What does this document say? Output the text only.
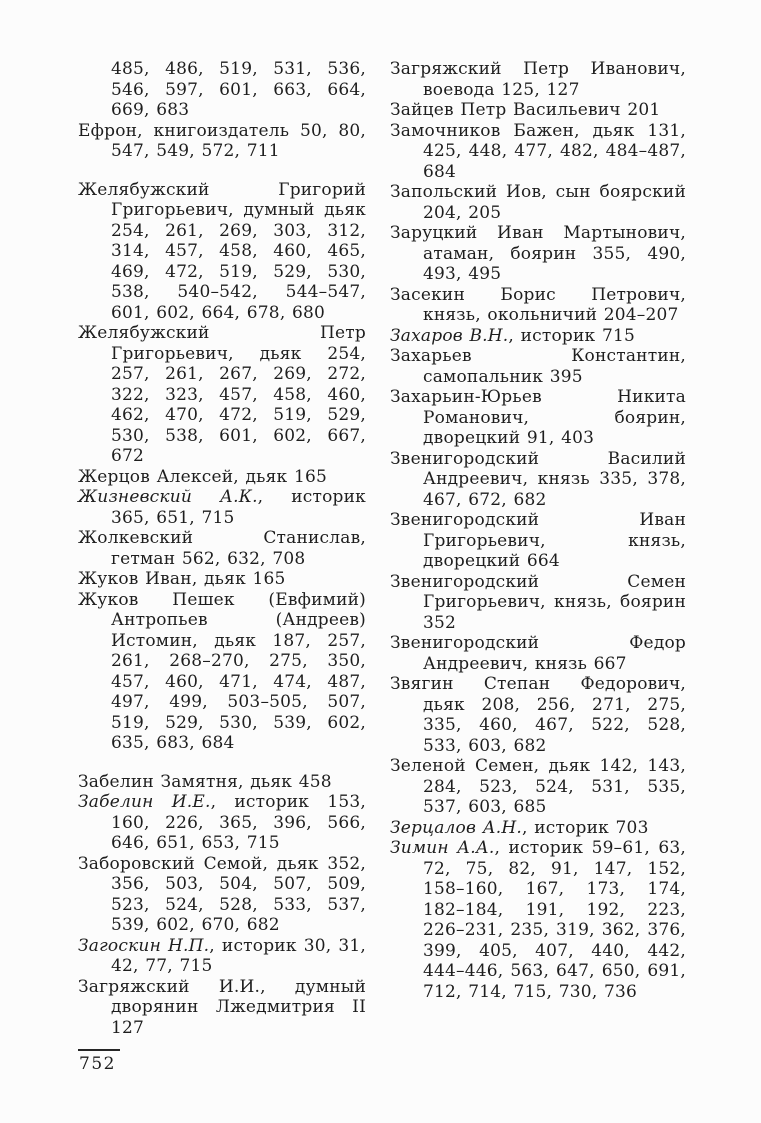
485, 486, 519, 531, 536, 546, 597, 601, 663, 664, 669, 683

Ефрон, книгоиздатель 50, 80, 547, 549, 572, 711

Желябужский Григорий Григорьевич, думный дьяк 254, 261, 269, 303, 312, 314, 457, 458, 460, 465, 469, 472, 519, 529, 530, 538, 540–542, 544–547, 601, 602, 664, 678, 680

Желябужский Петр Григорьевич, дьяк 254, 257, 261, 267, 269, 272, 322, 323, 457, 458, 460, 462, 470, 472, 519, 529, 530, 538, 601, 602, 667, 672

Жерцов Алексей, дьяк 165

Жизневский А.К., историк 365, 651, 715

Жолкевский Станислав, гетман 562, 632, 708

Жуков Иван, дьяк 165

Жуков Пешек (Евфимий) Антропьев (Андреев) Истомин, дьяк 187, 257, 261, 268–270, 275, 350, 457, 460, 471, 474, 487, 497, 499, 503–505, 507, 519, 529, 530, 539, 602, 635, 683, 684

Забелин Замятня, дьяк 458

Забелин И.Е., историк 153, 160, 226, 365, 396, 566, 646, 651, 653, 715

Заборовский Семой, дьяк 352, 356, 503, 504, 507, 509, 523, 524, 528, 533, 537, 539, 602, 670, 682

Загоскин Н.П., историк 30, 31, 42, 77, 715

Загряжский И.И., думный дворянин Лжедмитрия II 127

Загряжский Петр Иванович, воевода 125, 127

Зайцев Петр Васильевич 201

Замочников Бажен, дьяк 131, 425, 448, 477, 482, 484–487, 684

Запольский Иов, сын боярский 204, 205

Заруцкий Иван Мартынович, атаман, боярин 355, 490, 493, 495

Засекин Борис Петрович, князь, окольничий 204–207

Захаров В.Н., историк 715

Захарьев Константин, самопальник 395

Захарьин-Юрьев Никита Романович, боярин, дворецкий 91, 403

Звенигородский Василий Андреевич, князь 335, 378, 467, 672, 682

Звенигородский Иван Григорьевич, князь, дворецкий 664

Звенигородский Семен Григорьевич, князь, боярин 352

Звенигородский Федор Андреевич, князь 667

Звягин Степан Федорович, дьяк 208, 256, 271, 275, 335, 460, 467, 522, 528, 533, 603, 682

Зеленой Семен, дьяк 142, 143, 284, 523, 524, 531, 535, 537, 603, 685

Зерцалов А.Н., историк 703

Зимин А.А., историк 59–61, 63, 72, 75, 82, 91, 147, 152, 158–160, 167, 173, 174, 182–184, 191, 192, 223, 226–231, 235, 319, 362, 376, 399, 405, 407, 440, 442, 444–446, 563, 647, 650, 691, 712, 714, 715, 730, 736

752
